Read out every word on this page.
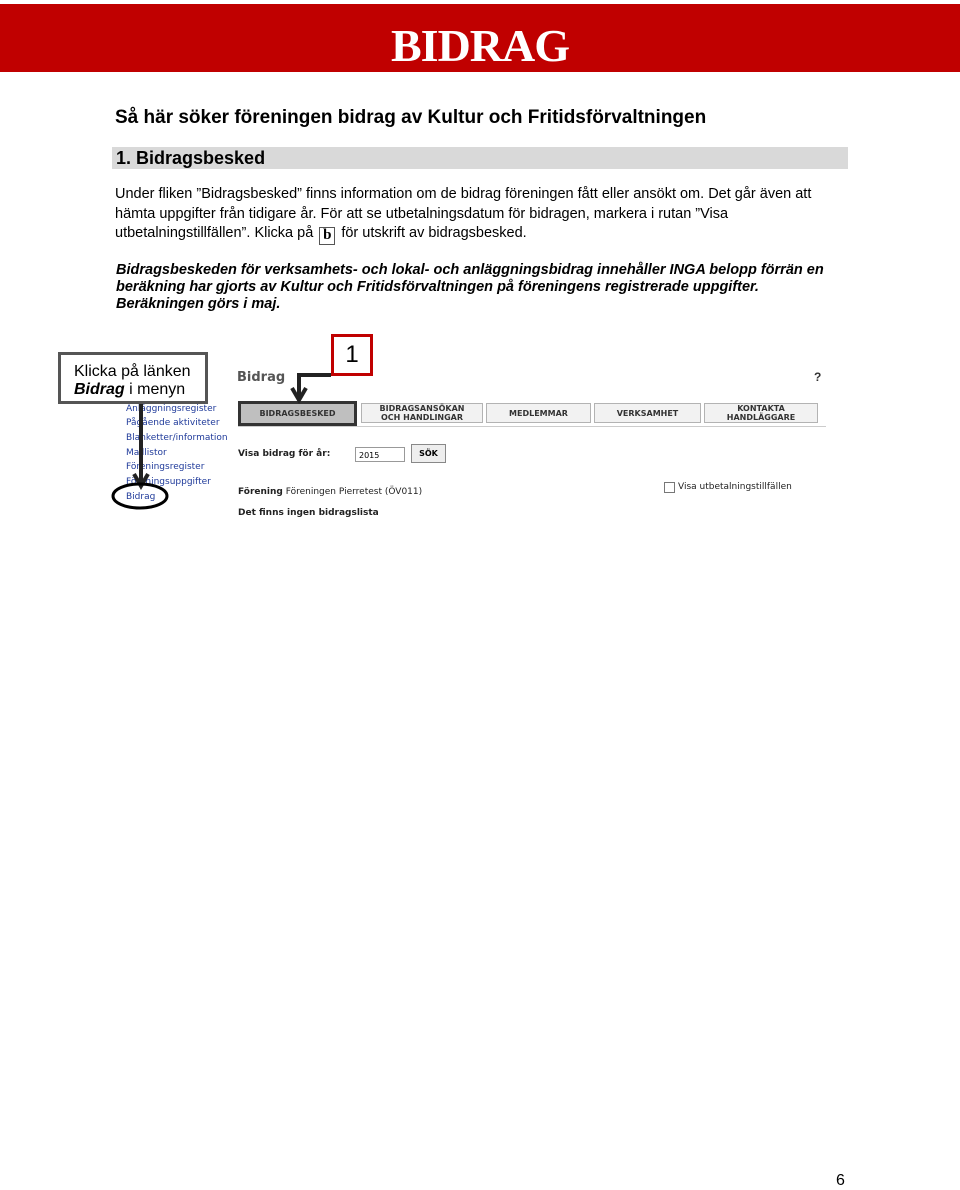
BIDRAG
Så här söker föreningen bidrag av Kultur och Fritidsförvaltningen
1. Bidragsbesked
Under fliken ”Bidragsbesked” finns information om de bidrag föreningen fått eller ansökt om. Det går även att hämta uppgifter från tidigare år. För att se utbetalningsdatum för bidragen, markera i rutan ”Visa utbetalningstillfällen”. Klicka på b för utskrift av bidragsbesked.
Bidragsbeskeden för verksamhets- och lokal- och anläggningsbidrag innehåller INGA belopp förrän en beräkning har gjorts av Kultur och Fritidsförvaltningen på föreningens registrerade uppgifter. Beräkningen görs i maj.
Bidrag	?
Anläggningsregister
Pågående aktiviteter
Blanketter/information
Maillistor
Föreningsregister
Föreningsuppgifter
Bidrag
BIDRAGSBESKED
BIDRAGSANSÖKAN
OCH HANDLINGAR	MEDLEMMAR	VERKSAMHET	KONTAKTA
HANDLÄGGARE
Visa bidrag för år:	2015	SÖK
Förening Föreningen Pierretest (ÖV011)	Visa utbetalningstillfällen
Det finns ingen bidragslista
Klicka på länken
Bidrag i menyn
1
6
